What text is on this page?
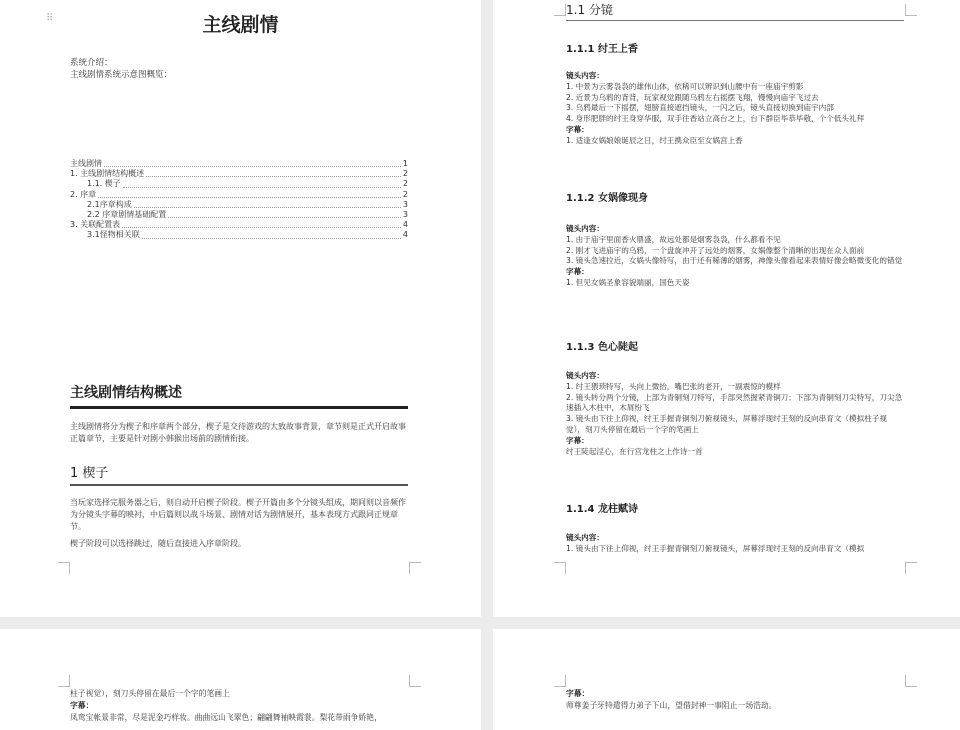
⠿	主线剧情
系统介绍：
主线剧情系统示意图概览：
主线剧情	1
1. 主线剧情结构概述	2
1.1. 楔子	2
2. 序章	2
2.1序章构成	3
2.2 序章剧情基础配置	3
3. 关联配置表	4
3.1怪物相关联	4
主线剧情结构概述
主线剧情将分为楔子和序章两个部分，楔子是交待游戏的大致故事背景，章节则是正式开启故事正篇章节，主要是针对剧小韩猴出场前的剧情衔接。
1 楔子
当玩家选择完服务器之后，则自动开启楔子阶段。楔子开篇由多个分镜头组成，期间则以音频作为分镜头字幕的映衬，中后篇则以战斗场景、剧情对话为剧情展开，基本表现方式跟同正规章节。
楔子阶段可以选择跳过，随后直接进入序章阶段。
1.1 分镜
1.1.1 纣王上香
镜头内容：
1. 中景为云雾袅袅的雄伟山体，依稀可以辨识到山腰中有一座庙宇剪影
2. 近景为乌鸦的背背，玩家视觉跟随乌鸦左右摇摆飞翔，慢慢向庙宇飞过去
3. 乌鸦最后一下摇摆，翅膀直接遮挡镜头，一闪之后，镜头直接切换到庙宇内部
4. 身形肥胖的纣王身穿华服，双手往香站立高台之上，台下群臣毕恭毕敬，个个低头礼拜
字幕：
1. 适逢女娲娘娘诞辰之日，纣王携众臣至女娲宫上香
1.1.2 女娲像现身
镜头内容：
1. 由于庙宇里面香火鼎盛，故远处都是烟雾袅袅，什么都看不见
2. 刚才飞进庙宇的乌鸦，一个盘旋冲开了远处的烟雾，女娲像整个清晰的出现在众人面前
3. 镜头急速拉近，女娲头像特写，由于还有稀薄的烟雾，神像头像看起来表情好像会略微变化的错觉
字幕：
1. 但见女娲圣象容貌端丽，国色天姿
1.1.3 色心陡起
镜头内容：
1. 纣王猥琐特写，头向上微抬，嘴巴张的老开，一副震惊的模样
2. 镜头转分两个分镜，上部为青铜刻刀特写，手部突然握紧青铜刀；下部为青铜刻刀尖特写，刀尖急速插入木柱中，木屑纷飞
3. 镜头由下往上仰视，纣王手握青铜刻刀俯视镜头，屏幕浮现纣王刻的反向串育文（模拟柱子视觉），刻刀头停留在最后一个字的笔画上
字幕：
纣王陡起淫心，在行宫龙柱之上作诗一首
1.1.4 龙柱赋诗
镜头内容：
1. 镜头由下往上仰视，纣王手握青铜刻刀俯视镜头，屏幕浮现纣王刻的反向串育文（模拟
柱子视觉），刻刀头停留在最后一个字的笔画上
字幕：
凤鸾宝帐景非常，尽是泥金巧样妆。曲曲远山飞翠色；翩翩舞袖映霞裳。梨花带雨争娇艳，
字幕：
师尊姜子牙特遣得力弟子下山，望借封神一事阻止一场浩劫。
